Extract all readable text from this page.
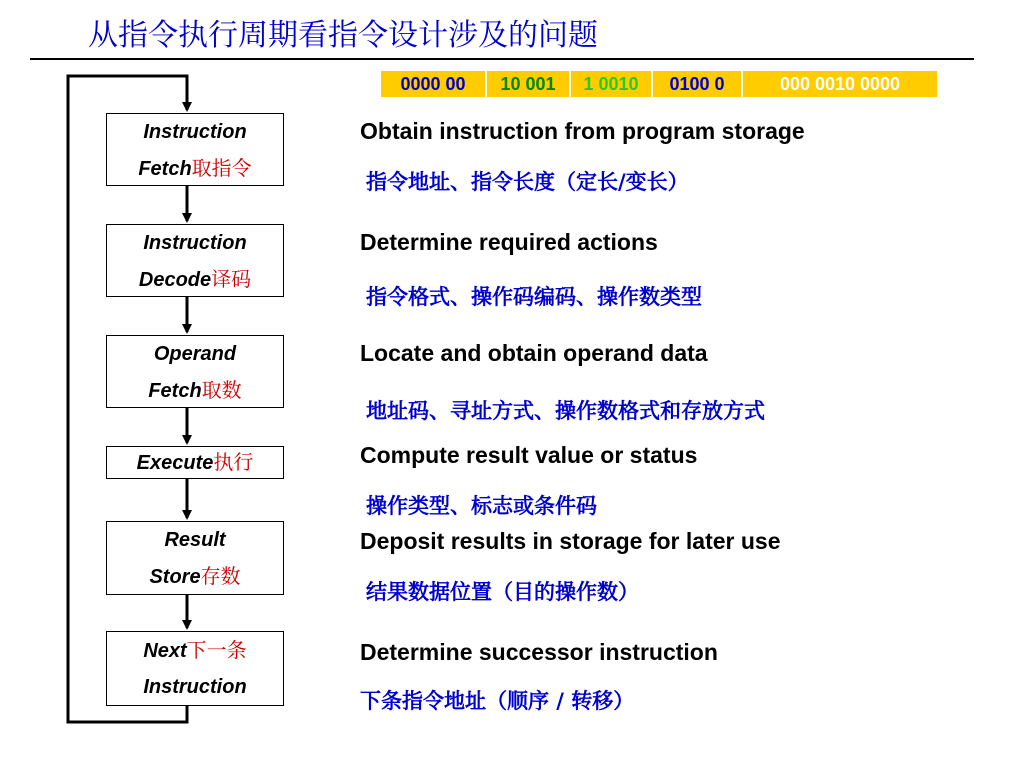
从指令执行周期看指令设计涉及的问题
0000 00	10 001	1 0010	0100 0	000 0010 0000
Instruction
Fetch取指令
Instruction
Decode译码
Operand
Fetch取数
Execute执行
Result
Store存数
Next下一条
Instruction
Obtain instruction from program storage
指令地址、指令长度（定长/变长）
Determine required actions
指令格式、操作码编码、操作数类型
Locate and obtain operand data
地址码、寻址方式、操作数格式和存放方式
Compute result value or status
操作类型、标志或条件码
Deposit results in storage for later use
结果数据位置（目的操作数）
Determine successor instruction
下条指令地址（顺序 / 转移）
